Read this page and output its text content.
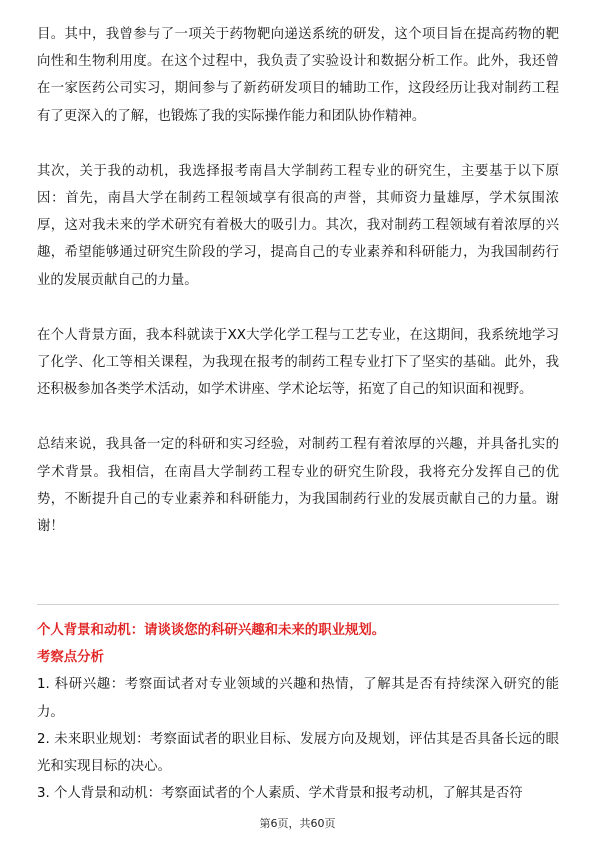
目。其中，我曾参与了一项关于药物靶向递送系统的研发，这个项目旨在提高药物的靶向性和生物利用度。在这个过程中，我负责了实验设计和数据分析工作。此外，我还曾在一家医药公司实习，期间参与了新药研发项目的辅助工作，这段经历让我对制药工程有了更深入的了解，也锻炼了我的实际操作能力和团队协作精神。

其次，关于我的动机，我选择报考南昌大学制药工程专业的研究生，主要基于以下原因：首先，南昌大学在制药工程领域享有很高的声誉，其师资力量雄厚，学术氛围浓厚，这对我未来的学术研究有着极大的吸引力。其次，我对制药工程领域有着浓厚的兴趣，希望能够通过研究生阶段的学习，提高自己的专业素养和科研能力，为我国制药行业的发展贡献自己的力量。

在个人背景方面，我本科就读于XX大学化学工程与工艺专业，在这期间，我系统地学习了化学、化工等相关课程，为我现在报考的制药工程专业打下了坚实的基础。此外，我还积极参加各类学术活动，如学术讲座、学术论坛等，拓宽了自己的知识面和视野。

总结来说，我具备一定的科研和实习经验，对制药工程有着浓厚的兴趣，并具备扎实的学术背景。我相信，在南昌大学制药工程专业的研究生阶段，我将充分发挥自己的优势，不断提升自己的专业素养和科研能力，为我国制药行业的发展贡献自己的力量。谢谢！

个人背景和动机：请谈谈您的科研兴趣和未来的职业规划。

考察点分析

1. 科研兴趣：考察面试者对专业领域的兴趣和热情，了解其是否有持续深入研究的能力。

2. 未来职业规划：考察面试者的职业目标、发展方向及规划，评估其是否具备长远的眼光和实现目标的决心。

3. 个人背景和动机：考察面试者的个人素质、学术背景和报考动机，了解其是否符

第6页，共60页
